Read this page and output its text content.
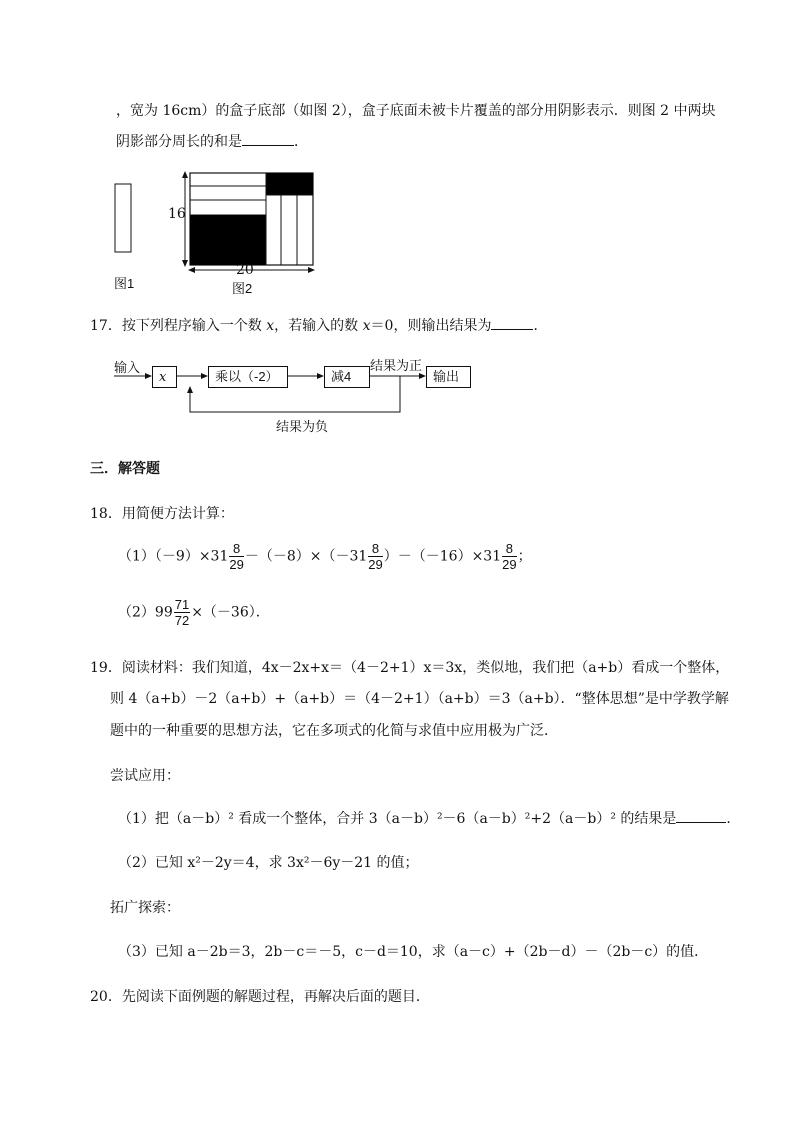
，宽为 16cm）的盒子底部（如图 2），盒子底面未被卡片覆盖的部分用阴影表示．则图 2 中两块
阴影部分周长的和是	．
16
20
图1	图2
17．按下列程序输入一个数 x，若输入的数 x＝0，则输出结果为	．
输入
x	乘以（-2）	减4	输出
结果为正
结果为负
三．解答题
18．用简便方法计算：
$(1)(-9)\times 31 \frac{8}{29} -(-8)\times(-31 \frac{8}{29} )-(-16)\times 31 \frac{8}{29}$ ；
$(2)99 \frac{71}{72} \times(-36)$．
19．阅读材料：我们知道，4x－2x+x＝（4－2+1）x＝3x，类似地，我们把（a+b）看成一个整体，
则 4（a+b）－2（a+b）+（a+b）＝（4－2+1）（a+b）＝3（a+b）．“整体思想”是中学教学解
题中的一种重要的思想方法，它在多项式的化简与求值中应用极为广泛．
尝试应用：
（1）把（a－b）² 看成一个整体，合并 3（a－b）²－6（a－b）²+2（a－b）² 的结果是	．
（2）已知 x²－2y＝4，求 3x²－6y－21 的值；
拓广探索：
（3）已知 a－2b＝3，2b－c＝－5，c－d＝10，求（a－c）+（2b－d）－（2b－c）的值．
20．先阅读下面例题的解题过程，再解决后面的题目．
